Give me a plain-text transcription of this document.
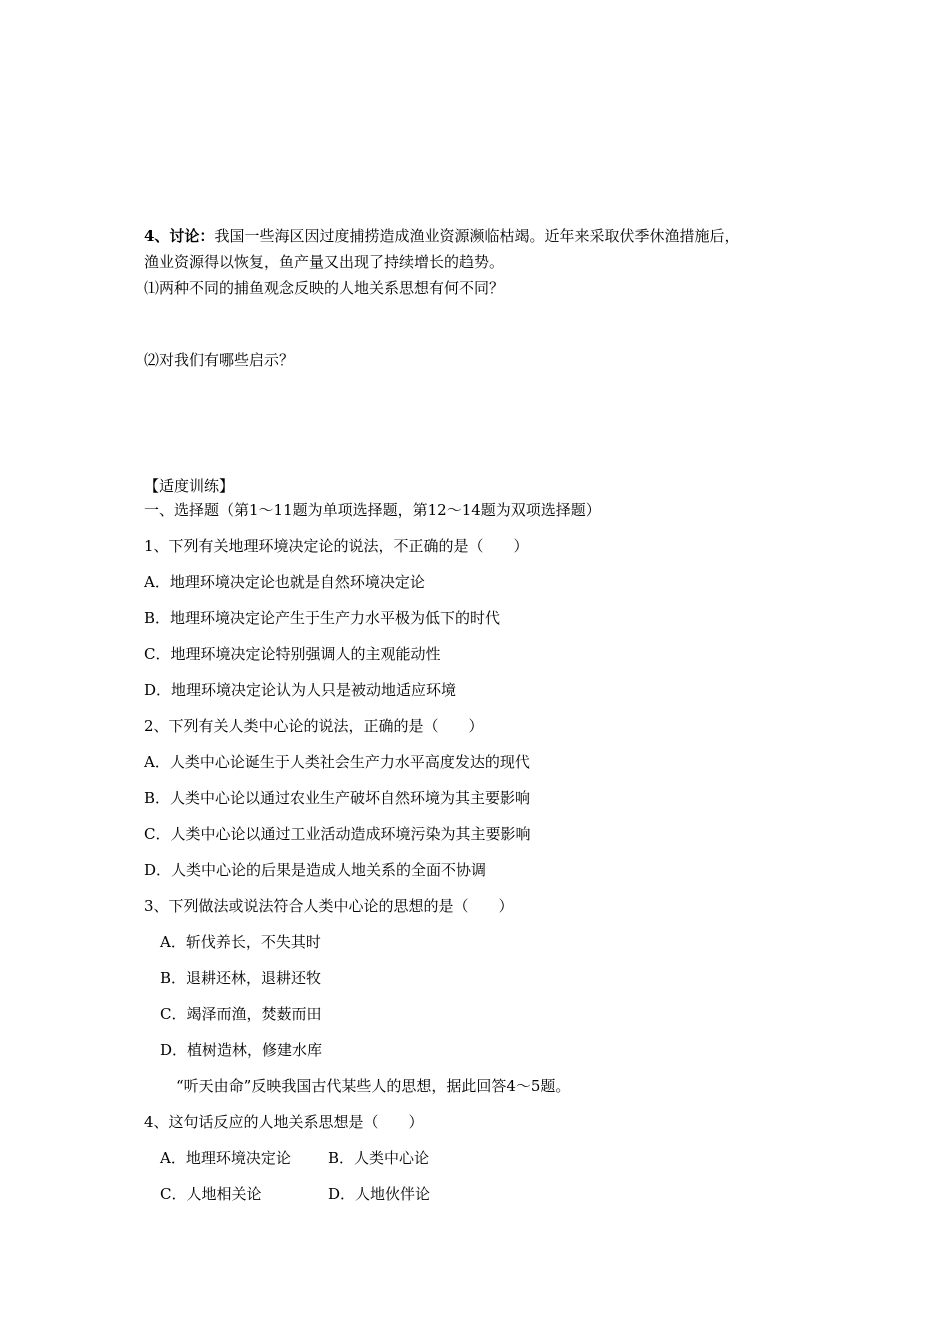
4、讨论：我国一些海区因过度捕捞造成渔业资源濒临枯竭。近年来采取伏季休渔措施后，
渔业资源得以恢复，鱼产量又出现了持续增长的趋势。
⑴两种不同的捕鱼观念反映的人地关系思想有何不同？
⑵对我们有哪些启示？
【适度训练】
一、选择题（第1～11题为单项选择题，第12～14题为双项选择题）
1、下列有关地理环境决定论的说法，不正确的是（　　）
A．地理环境决定论也就是自然环境决定论
B．地理环境决定论产生于生产力水平极为低下的时代
C．地理环境决定论特别强调人的主观能动性
D．地理环境决定论认为人只是被动地适应环境
2、下列有关人类中心论的说法，正确的是（　　）
A．人类中心论诞生于人类社会生产力水平高度发达的现代
B．人类中心论以通过农业生产破坏自然环境为其主要影响
C．人类中心论以通过工业活动造成环境污染为其主要影响
D．人类中心论的后果是造成人地关系的全面不协调
3、下列做法或说法符合人类中心论的思想的是（　　）
A．斩伐养长，不失其时
B．退耕还林，退耕还牧
C．竭泽而渔，焚薮而田
D．植树造林，修建水库
“听天由命”反映我国古代某些人的思想，据此回答4～5题。
4、这句话反应的人地关系思想是（　　）
A．地理环境决定论 B．人类中心论
C．人地相关论	D．人地伙伴论
